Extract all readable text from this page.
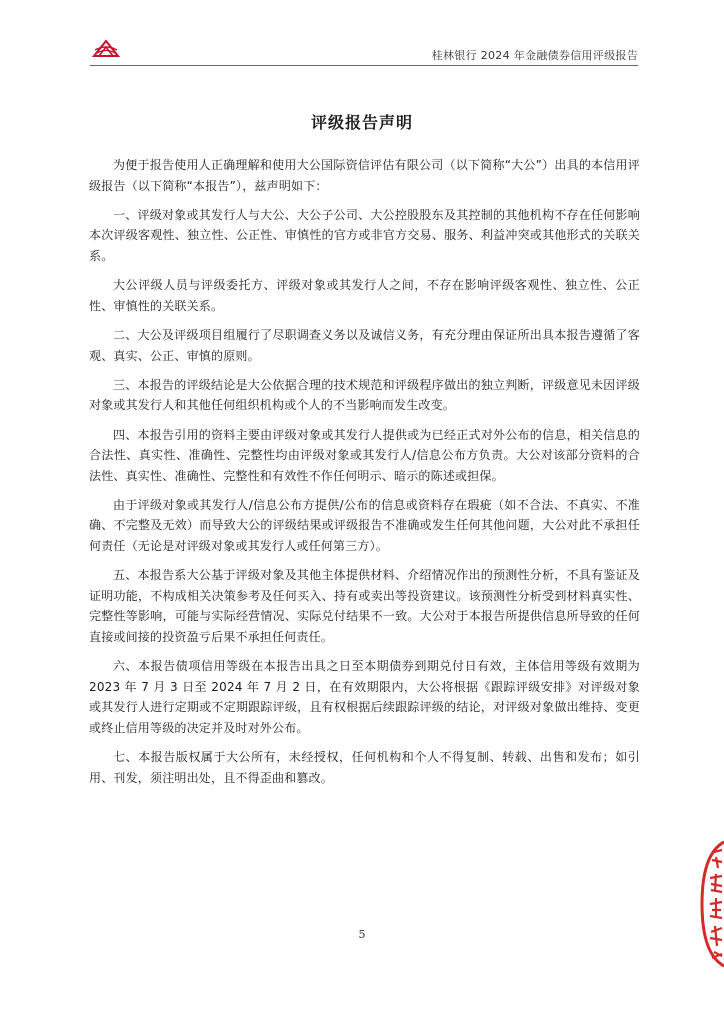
桂林银行 2024 年金融债券信用评级报告
评级报告声明

为便于报告使用人正确理解和使用大公国际资信评估有限公司（以下简称“大公”）出具的本信用评级报告（以下简称“本报告”），兹声明如下：

一、评级对象或其发行人与大公、大公子公司、大公控股股东及其控制的其他机构不存在任何影响本次评级客观性、独立性、公正性、审慎性的官方或非官方交易、服务、利益冲突或其他形式的关联关系。

大公评级人员与评级委托方、评级对象或其发行人之间，不存在影响评级客观性、独立性、公正性、审慎性的关联关系。

二、大公及评级项目组履行了尽职调查义务以及诚信义务，有充分理由保证所出具本报告遵循了客观、真实、公正、审慎的原则。

三、本报告的评级结论是大公依据合理的技术规范和评级程序做出的独立判断，评级意见未因评级对象或其发行人和其他任何组织机构或个人的不当影响而发生改变。

四、本报告引用的资料主要由评级对象或其发行人提供或为已经正式对外公布的信息，相关信息的合法性、真实性、准确性、完整性均由评级对象或其发行人/信息公布方负责。大公对该部分资料的合法性、真实性、准确性、完整性和有效性不作任何明示、暗示的陈述或担保。

由于评级对象或其发行人/信息公布方提供/公布的信息或资料存在瑕疵（如不合法、不真实、不准确、不完整及无效）而导致大公的评级结果或评级报告不准确或发生任何其他问题，大公对此不承担任何责任（无论是对评级对象或其发行人或任何第三方）。

五、本报告系大公基于评级对象及其他主体提供材料、介绍情况作出的预测性分析，不具有鉴证及证明功能，不构成相关决策参考及任何买入、持有或卖出等投资建议。该预测性分析受到材料真实性、完整性等影响，可能与实际经营情况、实际兑付结果不一致。大公对于本报告所提供信息所导致的任何直接或间接的投资盈亏后果不承担任何责任。

六、本报告债项信用等级在本报告出具之日至本期债券到期兑付日有效，主体信用等级有效期为 2023 年 7 月 3 日至 2024 年 7 月 2 日，在有效期限内，大公将根据《跟踪评级安排》对评级对象或其发行人进行定期或不定期跟踪评级，且有权根据后续跟踪评级的结论，对评级对象做出维持、变更或终止信用等级的决定并及时对外公布。

七、本报告版权属于大公所有，未经授权，任何机构和个人不得复制、转载、出售和发布；如引用、刊发，须注明出处，且不得歪曲和篡改。

5
